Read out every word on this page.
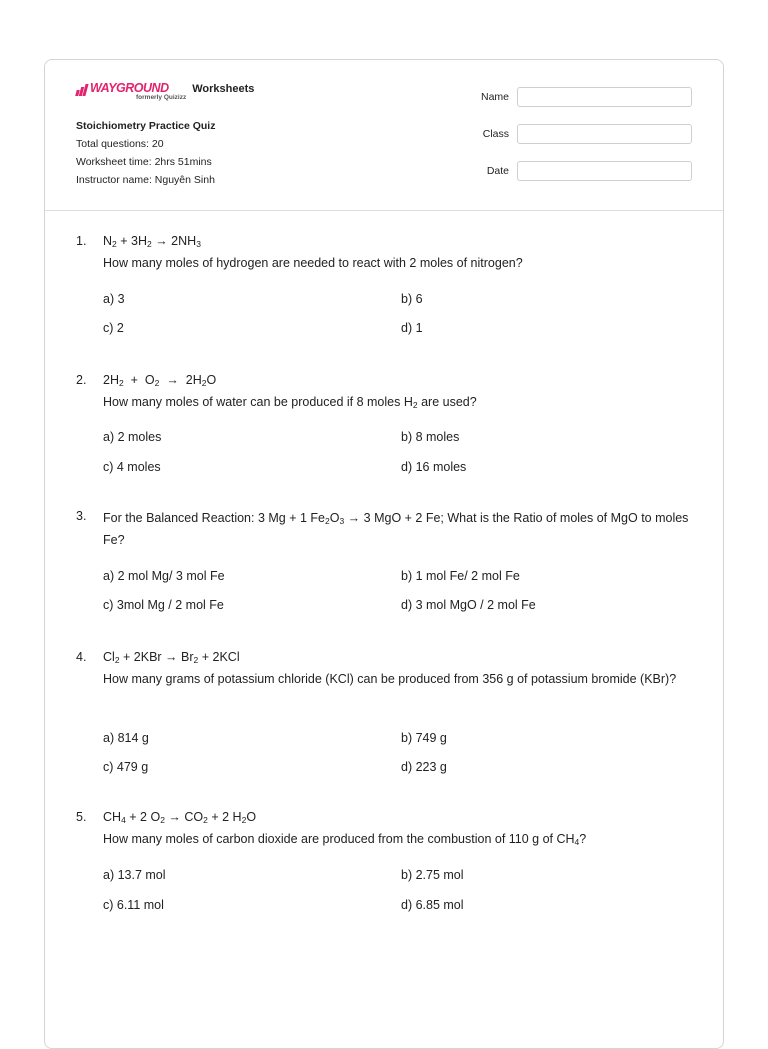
WAYGROUND
formerly Quizizz
Worksheets
Stoichiometry Practice Quiz
Total questions: 20
Worksheet time: 2hrs 51mins
Instructor name: Nguyên Sinh
Name
Class
Date
1. $N_2 + 3H_2 \to 2NH_3$
How many moles of hydrogen are needed to react with 2 moles of nitrogen?
a) 3	b) 6
c) 2	d) 1
2. $2H_2 + O_2 \to 2H_2O$
How many moles of water can be produced if 8 moles $H_2$ are used?
a) 2 moles	b) 8 moles
c) 4 moles	d) 16 moles
3. For the Balanced Reaction: 3 Mg + 1 $Fe_2O_3 \to 3$ MgO + 2 Fe; What is the Ratio of moles of MgO to moles Fe?
a) 2 mol Mg/ 3 mol Fe	b) 1 mol Fe/ 2 mol Fe
c) 3mol Mg / 2 mol Fe	d) 3 mol MgO / 2 mol Fe
4. $Cl_2 + 2KBr \to Br_2 + 2KCl$
How many grams of potassium chloride (KCl) can be produced from 356 g of potassium bromide (KBr)?
a) 814 g	b) 749 g
c) 479 g	d) 223 g
5. $CH_4 + 2$ $O_2 \to CO_2 + 2$ $H_2O$
How many moles of carbon dioxide are produced from the combustion of 110 g of $CH_4$?
a) 13.7 mol	b) 2.75 mol
c) 6.11 mol	d) 6.85 mol
